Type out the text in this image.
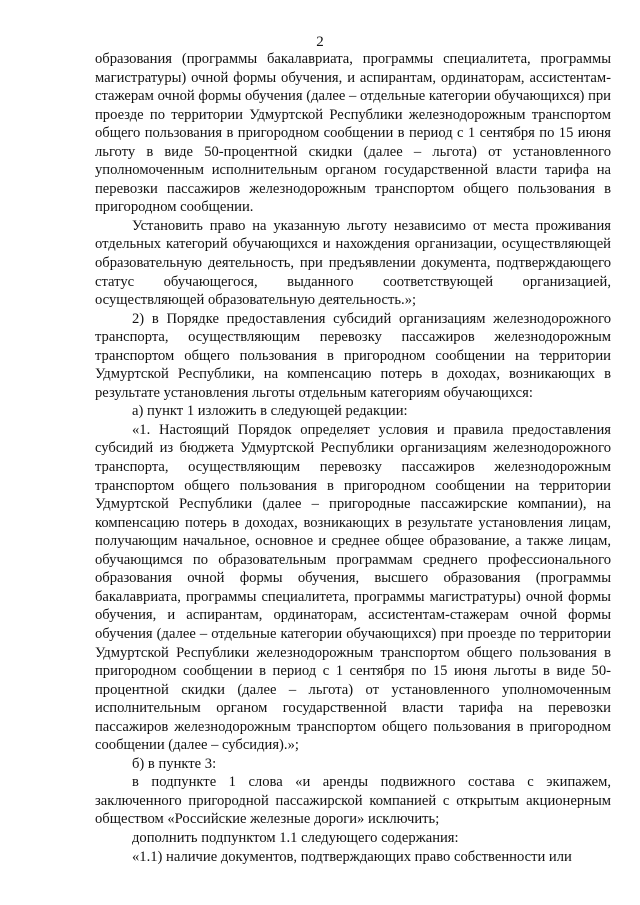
2

образования (программы бакалавриата, программы специалитета, программы магистратуры) очной формы обучения, и аспирантам, ординаторам, ассистентам-стажерам очной формы обучения (далее – отдельные категории обучающихся) при проезде по территории Удмуртской Республики железнодорожным транспортом общего пользования в пригородном сообщении в период с 1 сентября по 15 июня льготу в виде 50-процентной скидки (далее – льгота) от установленного уполномоченным исполнительным органом государственной власти тарифа на перевозки пассажиров железнодорожным транспортом общего пользования в пригородном сообщении.

Установить право на указанную льготу независимо от места проживания отдельных категорий обучающихся и нахождения организации, осуществляющей образовательную деятельность, при предъявлении документа, подтверждающего статус обучающегося, выданного соответствующей организацией, осуществляющей образовательную деятельность.»;

2) в Порядке предоставления субсидий организациям железнодорожного транспорта, осуществляющим перевозку пассажиров железнодорожным транспортом общего пользования в пригородном сообщении на территории Удмуртской Республики, на компенсацию потерь в доходах, возникающих в результате установления льготы отдельным категориям обучающихся:

а) пункт 1 изложить в следующей редакции:

«1. Настоящий Порядок определяет условия и правила предоставления субсидий из бюджета Удмуртской Республики организациям железнодорожного транспорта, осуществляющим перевозку пассажиров железнодорожным транспортом общего пользования в пригородном сообщении на территории Удмуртской Республики (далее – пригородные пассажирские компании), на компенсацию потерь в доходах, возникающих в результате установления лицам, получающим начальное, основное и среднее общее образование, а также лицам, обучающимся по образовательным программам среднего профессионального образования очной формы обучения, высшего образования (программы бакалавриата, программы специалитета, программы магистратуры) очной формы обучения, и аспирантам, ординаторам, ассистентам-стажерам очной формы обучения (далее – отдельные категории обучающихся) при проезде по территории Удмуртской Республики железнодорожным транспортом общего пользования в пригородном сообщении в период с 1 сентября по 15 июня льготы в виде 50-процентной скидки (далее – льгота) от установленного уполномоченным исполнительным органом государственной власти тарифа на перевозки пассажиров железнодорожным транспортом общего пользования в пригородном сообщении (далее – субсидия).»;

б) в пункте 3:

в подпункте 1 слова «и аренды подвижного состава с экипажем, заключенного пригородной пассажирской компанией с открытым акционерным обществом «Российские железные дороги» исключить;

дополнить подпунктом 1.1 следующего содержания:

«1.1) наличие документов, подтверждающих право собственности или
